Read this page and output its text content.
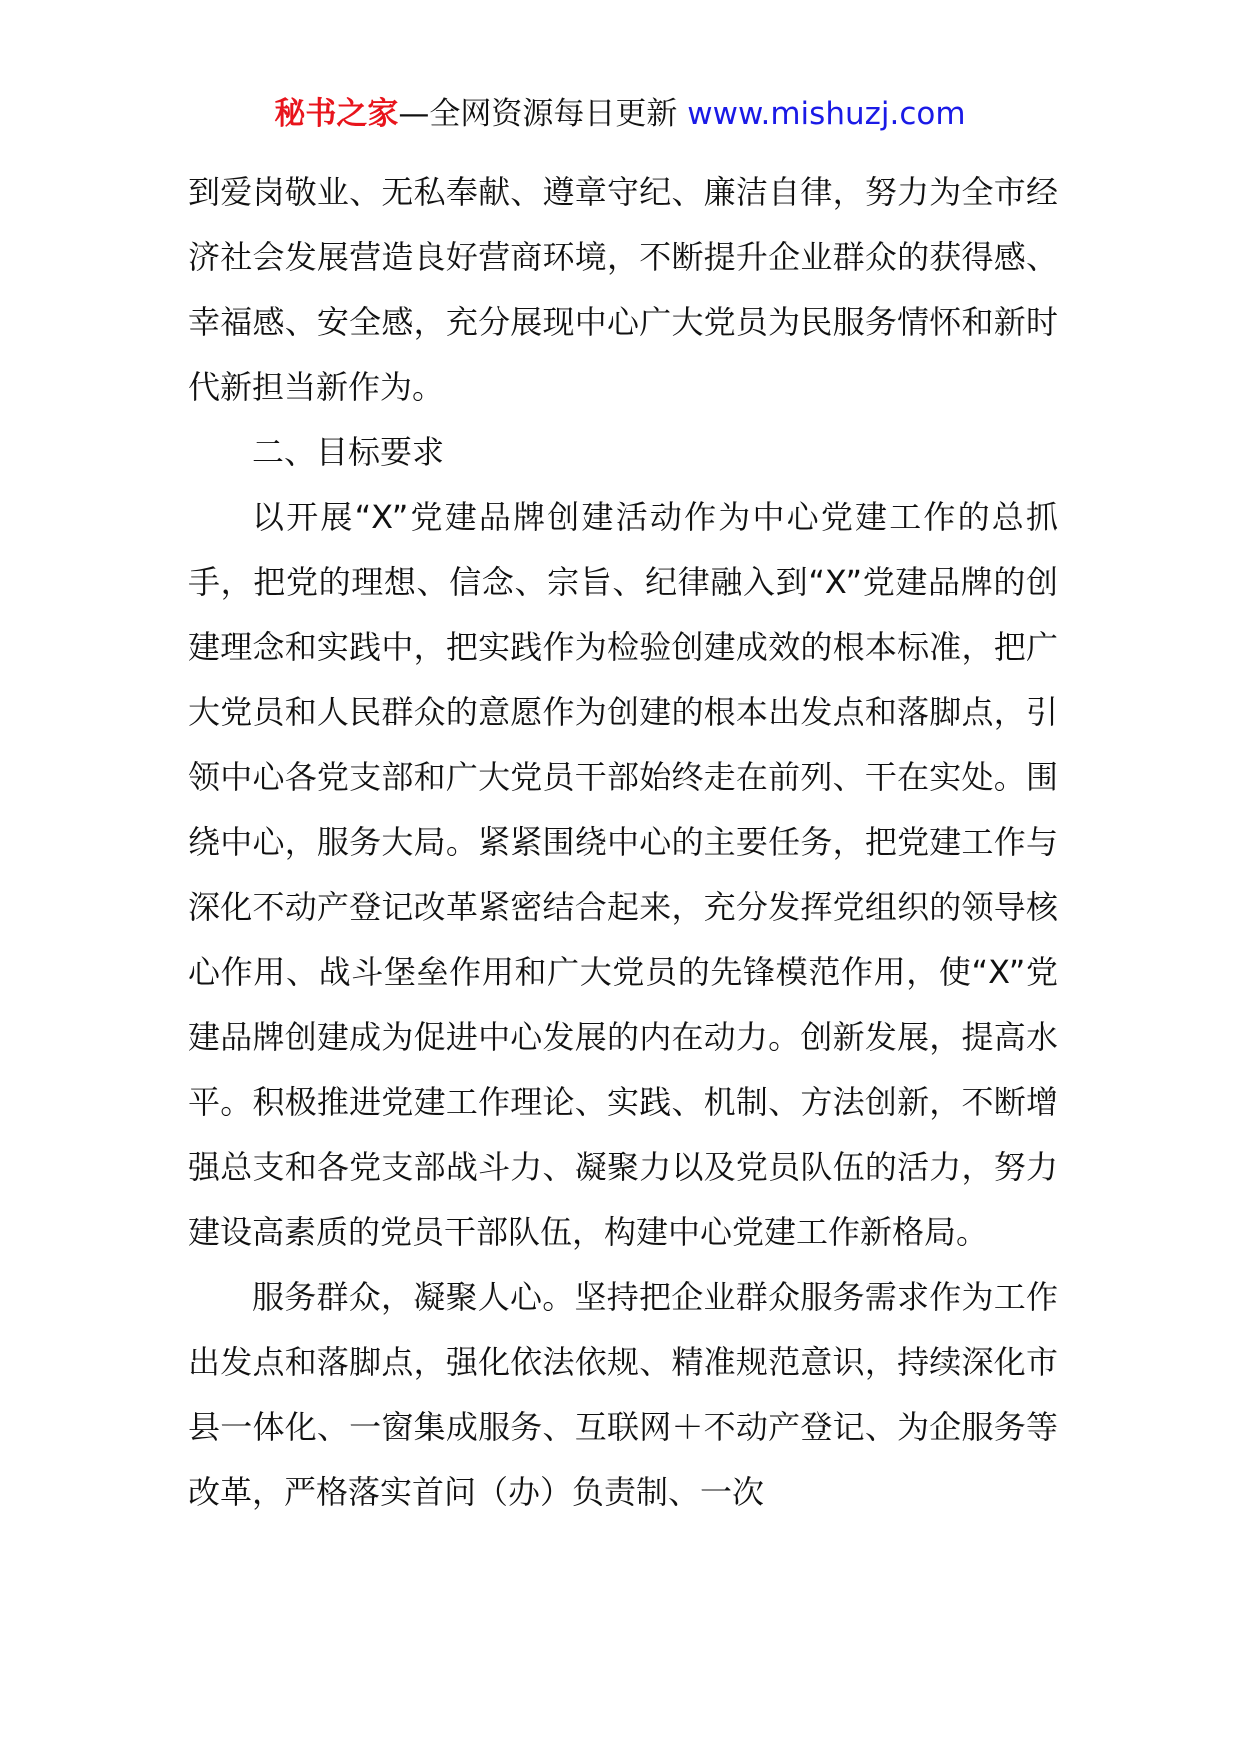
秘书之家—全网资源每日更新 www.mishuzj.com

到爱岗敬业、无私奉献、遵章守纪、廉洁自律，努力为全市经济社会发展营造良好营商环境，不断提升企业群众的获得感、幸福感、安全感，充分展现中心广大党员为民服务情怀和新时代新担当新作为。

二、目标要求

以开展“X”党建品牌创建活动作为中心党建工作的总抓手，把党的理想、信念、宗旨、纪律融入到“X”党建品牌的创建理念和实践中，把实践作为检验创建成效的根本标准，把广大党员和人民群众的意愿作为创建的根本出发点和落脚点，引领中心各党支部和广大党员干部始终走在前列、干在实处。围绕中心，服务大局。紧紧围绕中心的主要任务，把党建工作与深化不动产登记改革紧密结合起来，充分发挥党组织的领导核心作用、战斗堡垒作用和广大党员的先锋模范作用，使“X”党建品牌创建成为促进中心发展的内在动力。创新发展，提高水平。积极推进党建工作理论、实践、机制、方法创新，不断增强总支和各党支部战斗力、凝聚力以及党员队伍的活力，努力建设高素质的党员干部队伍，构建中心党建工作新格局。

服务群众，凝聚人心。坚持把企业群众服务需求作为工作出发点和落脚点，强化依法依规、精准规范意识，持续深化市县一体化、一窗集成服务、互联网＋不动产登记、为企服务等改革，严格落实首问（办）负责制、一次
